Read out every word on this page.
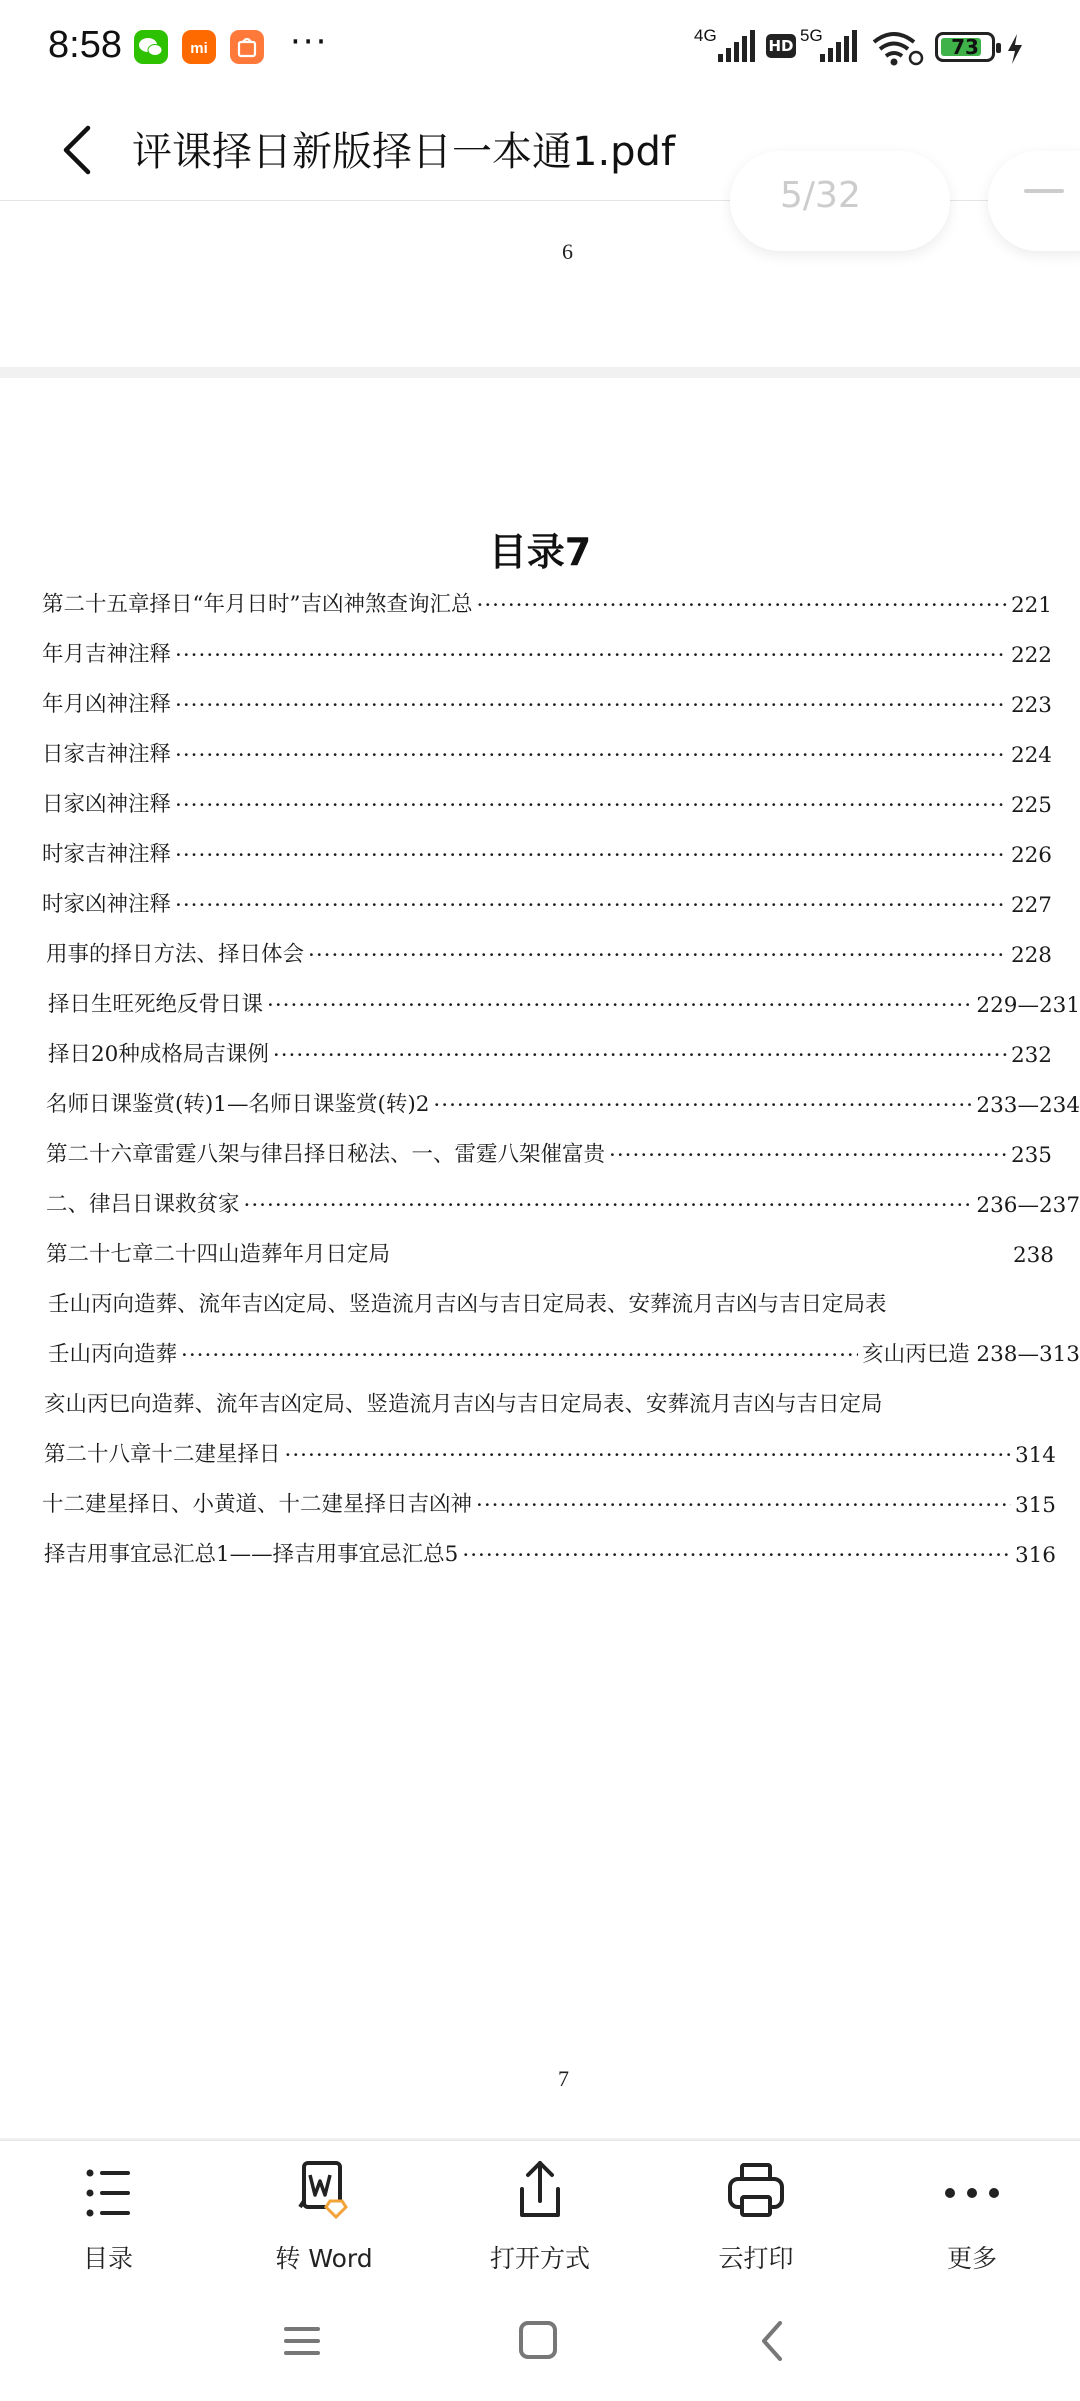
8:58	mi ···	4G
HD
5G	73
评课择日新版择日一本通1.pdf
5/32
6
目录7
第二十五章择日“年月日时”吉凶神煞查询汇总 ·····	221
年月吉神注释 ·····	222
年月凶神注释 ·····	223
日家吉神注释 ·····	224
日家凶神注释 ·····	225
时家吉神注释 ·····	226
时家凶神注释 ·····	227
用事的择日方法、择日体会 ·····	228
择日生旺死绝反骨日课 ·····	229—231
择日20种成格局吉课例 ·····	232
名师日课鉴赏(转)1—名师日课鉴赏(转)2 ·····	233—234
第二十六章雷霆八架与律吕择日秘法、一、雷霆八架催富贵 ·····	235
二、律吕日课救贫家 ·····	236—237
第二十七章二十四山造葬年月日定局	238
壬山丙向造葬、流年吉凶定局、竖造流月吉凶与吉日定局表、安葬流月吉凶与吉日定局表
壬山丙向造葬 ·····	亥山丙巳造 238—313
亥山丙巳向造葬、流年吉凶定局、竖造流月吉凶与吉日定局表、安葬流月吉凶与吉日定局
第二十八章十二建星择日 ·····	314
十二建星择日、小黄道、十二建星择日吉凶神 ·····	315
择吉用事宜忌汇总1——择吉用事宜忌汇总5 ·····	316
7
目录	转 Word	打开方式	云打印	更多
